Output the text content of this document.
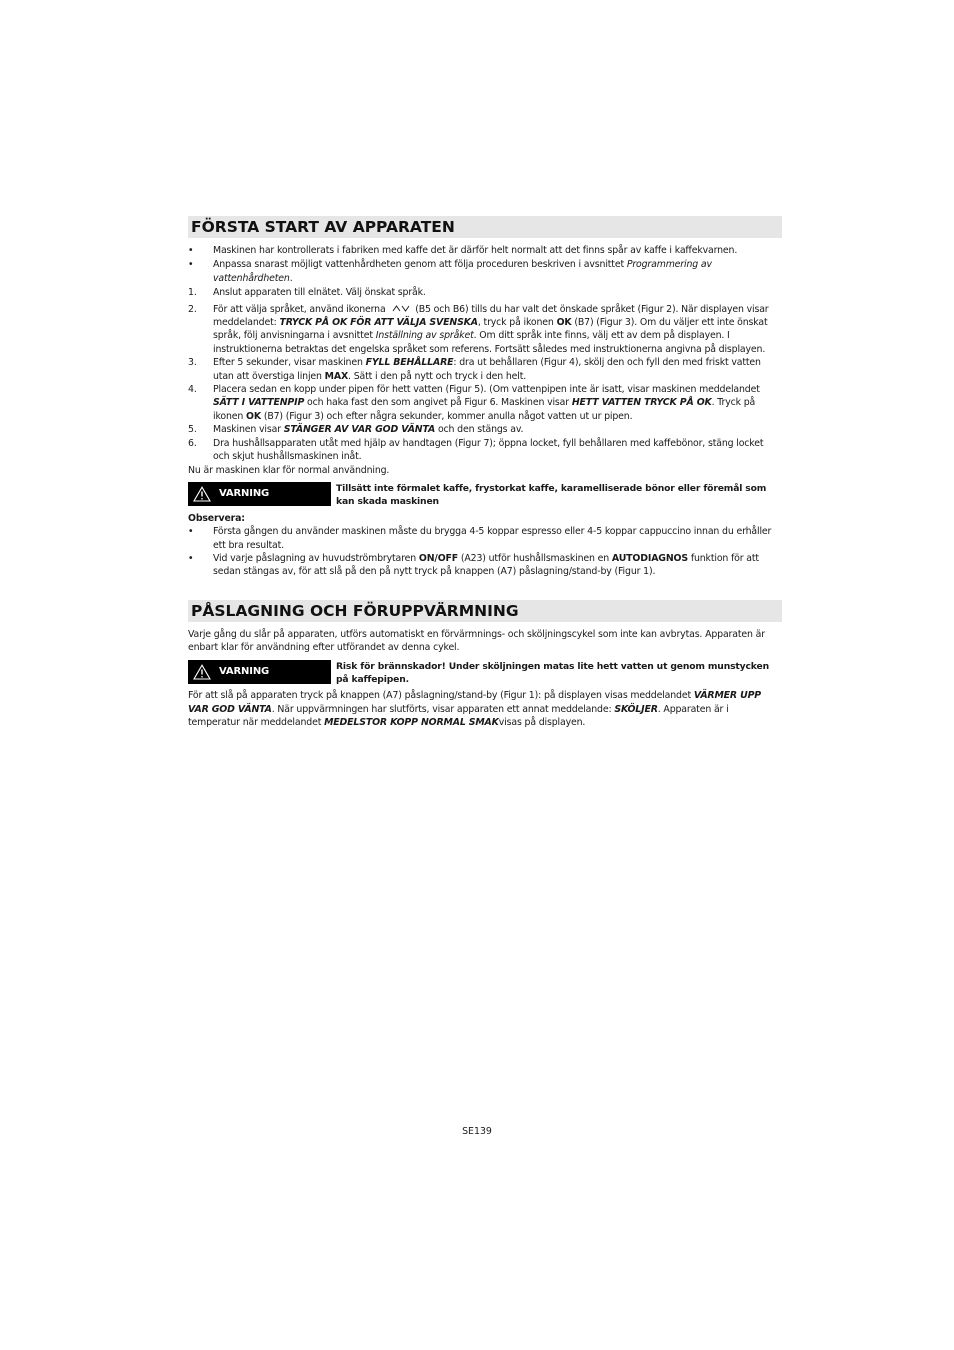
FÖRSTA START AV APPARATEN
•	Maskinen har kontrollerats i fabriken med kaffe det är därför helt normalt att det finns spår av kaffe i kaffekvarnen.
•	Anpassa snarast möjligt vattenhårdheten genom att följa proceduren beskriven i avsnittet Programmering av vattenhårdheten.
1.	Anslut apparaten till elnätet. Välj önskat språk.
2.	För att välja språket, använd ikonerna	(B5 och B6) tills du har valt det önskade språket (Figur 2). När displayen visar meddelandet: TRYCK PÅ OK FÖR ATT VÄLJA SVENSKA, tryck på ikonen OK (B7) (Figur 3). Om du väljer ett inte önskat språk, följ anvisningarna i avsnittet Inställning av språket. Om ditt språk inte finns, välj ett av dem på displayen. I instruktionerna betraktas det engelska språket som referens. Fortsätt således med instruktionerna angivna på displayen.
3.	Efter 5 sekunder, visar maskinen FYLL BEHÅLLARE: dra ut behållaren (Figur 4), skölj den och fyll den med friskt vatten utan att överstiga linjen MAX. Sätt i den på nytt och tryck i den helt.
4.	Placera sedan en kopp under pipen för hett vatten (Figur 5). (Om vattenpipen inte är isatt, visar maskinen meddelandet SÄTT I VATTENPIP och haka fast den som angivet på Figur 6. Maskinen visar HETT VATTEN TRYCK PÅ OK. Tryck på ikonen OK (B7) (Figur 3) och efter några sekunder, kommer anulla något vatten ut ur pipen.
5.	Maskinen visar STÄNGER AV VAR GOD VÄNTA och den stängs av.
6.	Dra hushållsapparaten utåt med hjälp av handtagen (Figur 7); öppna locket, fyll behållaren med kaffebönor, stäng locket och skjut hushållsmaskinen inåt.

Nu är maskinen klar för normal användning.

VARNING	Tillsätt inte förmalet kaffe, frystorkat kaffe, karamelliserade bönor eller föremål som kan skada maskinen

Observera:

•	Första gången du använder maskinen måste du brygga 4-5 koppar espresso eller 4-5 koppar cappuccino innan du erhåller ett bra resultat.
•	Vid varje påslagning av huvudströmbrytaren ON/OFF (A23) utför hushållsmaskinen en AUTODIAGNOS funktion för att sedan stängas av, för att slå på den på nytt tryck på knappen (A7) påslagning/stand-by (Figur 1).
PÅSLAGNING OCH FÖRUPPVÄRMNING

Varje gång du slår på apparaten, utförs automatiskt en förvärmnings- och sköljningscykel som inte kan avbrytas. Apparaten är enbart klar för användning efter utförandet av denna cykel.

VARNING	Risk för brännskador! Under sköljningen matas lite hett vatten ut genom munstycken på kaffepipen.

För att slå på apparaten tryck på knappen (A7) påslagning/stand-by (Figur 1): på displayen visas meddelandet VÄRMER UPP VAR GOD VÄNTA. När uppvärmningen har slutförts, visar apparaten ett annat meddelande: SKÖLJER. Apparaten är i temperatur när meddelandet MEDELSTOR KOPP NORMAL SMAKvisas på displayen.

SE139
